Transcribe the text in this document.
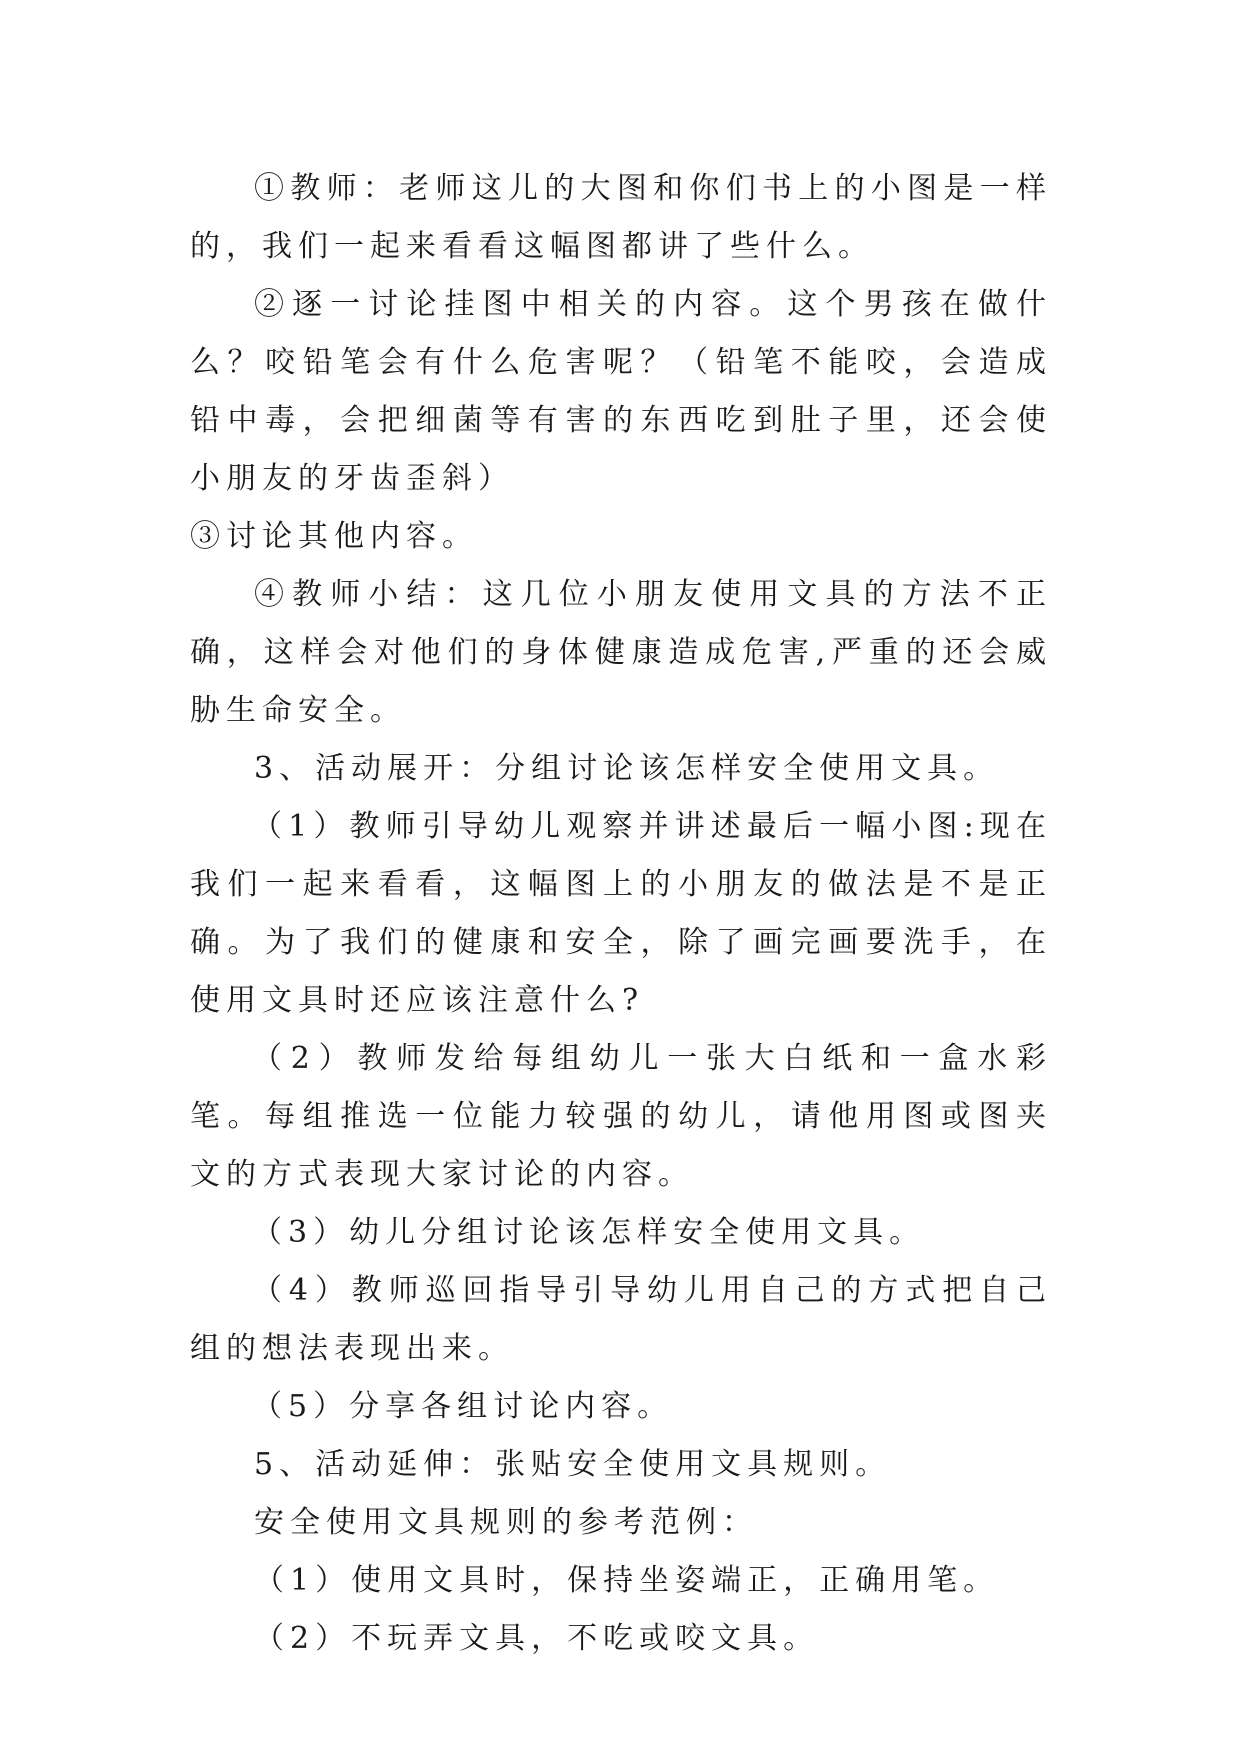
①教师：老师这儿的大图和你们书上的小图是一样的，我们一起来看看这幅图都讲了些什么。

②逐一讨论挂图中相关的内容。这个男孩在做什么？咬铅笔会有什么危害呢？（铅笔不能咬，会造成铅中毒，会把细菌等有害的东西吃到肚子里，还会使小朋友的牙齿歪斜）

③讨论其他内容。

④教师小结：这几位小朋友使用文具的方法不正确，这样会对他们的身体健康造成危害,严重的还会威胁生命安全。

3、活动展开：分组讨论该怎样安全使用文具。

（1）教师引导幼儿观察并讲述最后一幅小图:现在我们一起来看看，这幅图上的小朋友的做法是不是正确。为了我们的健康和安全，除了画完画要洗手，在使用文具时还应该注意什么?

（2）教师发给每组幼儿一张大白纸和一盒水彩笔。每组推选一位能力较强的幼儿，请他用图或图夹文的方式表现大家讨论的内容。

（3）幼儿分组讨论该怎样安全使用文具。

（4）教师巡回指导引导幼儿用自己的方式把自己组的想法表现出来。

（5）分享各组讨论内容。

5、活动延伸：张贴安全使用文具规则。

安全使用文具规则的参考范例：

（1）使用文具时，保持坐姿端正，正确用笔。

（2）不玩弄文具，不吃或咬文具。
